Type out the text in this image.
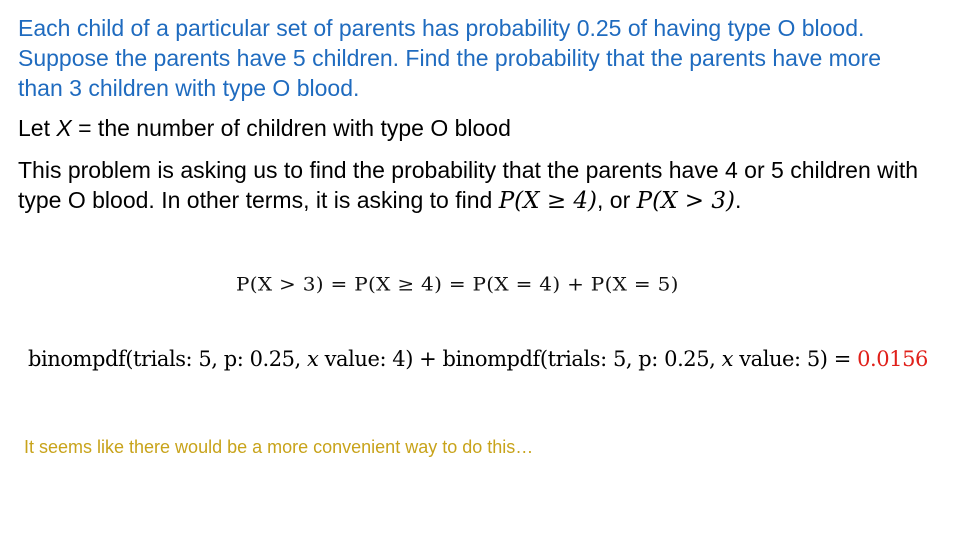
Each child of a particular set of parents has probability 0.25 of having type O blood. Suppose the parents have 5 children. Find the probability that the parents have more than 3 children with type O blood.
Let X = the number of children with type O blood
This problem is asking us to find the probability that the parents have 4 or 5 children with type O blood. In other terms, it is asking to find P(X ≥ 4), or P(X > 3).
P(X > 3) = P(X ≥ 4) = P(X = 4) + P(X = 5)
binompdf(trials: 5, p: 0.25, x value: 4) + binompdf(trials: 5, p: 0.25, x value: 5) = 0.0156
It seems like there would be a more convenient way to do this…
